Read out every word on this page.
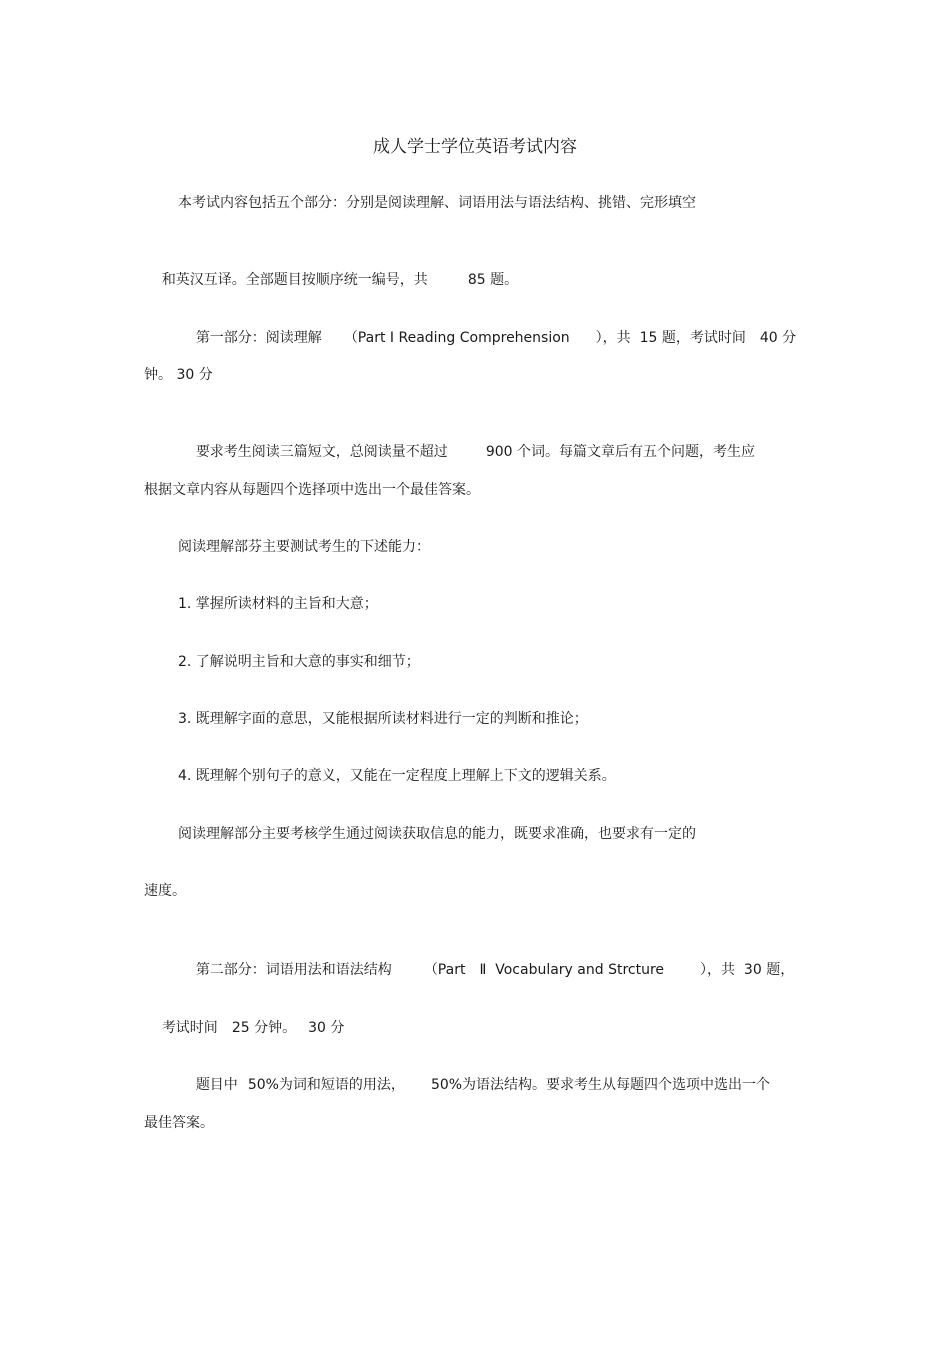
成人学士学位英语考试内容
本考试内容包括五个部分：分别是阅读理解、词语用法与语法结构、挑错、完形填空

和英汉互译。全部题目按顺序统一编号，共	85 题。

第一部分：阅读理解 （Part I Reading Comprehension ），共  15 题，考试时间 40 分

钟。 30 分

要求考生阅读三篇短文，总阅读量不超过	900 个词。每篇文章后有五个问题，考生应

根据文章内容从每题四个选择项中选出一个最佳答案。
阅读理解部芬主要测试考生的下述能力：
1. 掌握所读材料的主旨和大意；
2. 了解说明主旨和大意的事实和细节；
3. 既理解字面的意思，又能根据所读材料进行一定的判断和推论；
4. 既理解个别句子的意义，又能在一定程度上理解上下文的逻辑关系。
阅读理解部分主要考核学生通过阅读获取信息的能力，既要求准确，也要求有一定的
速度。

第二部分：词语用法和语法结构 （Part Ⅱ  Vocabulary and Strcture	），共  30 题，

考试时间 25 分钟。 30 分

题目中 50%为词和短语的用法， 50%为语法结构。要求考生从每题四个选项中选出一个

最佳答案。
